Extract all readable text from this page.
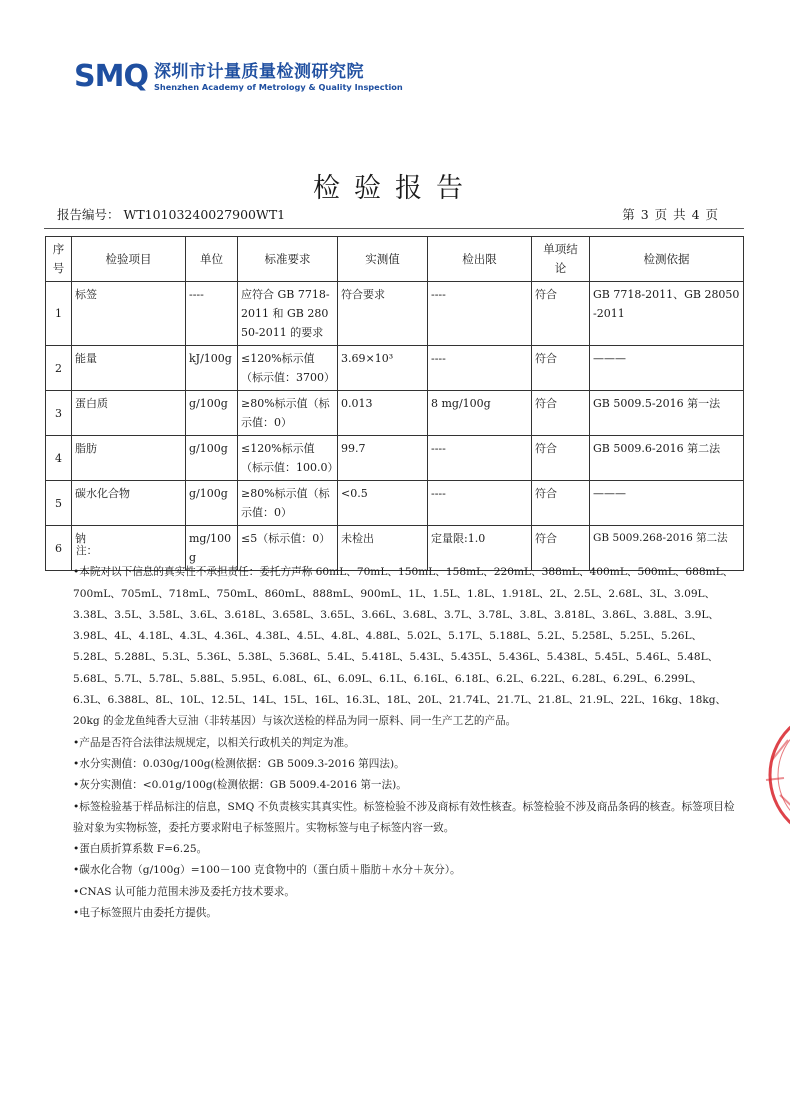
SMQ 深圳市计量质量检测研究院
Shenzhen Academy of Metrology & Quality Inspection
检验报告
报告编号： WT10103240027900WT1	第 3 页 共 4 页
序号	检验项目	单位	标准要求	实测值	检出限	单项结论	检测依据
1	标签	----	应符合 GB 7718-2011 和 GB 28050-2011 的要求	符合要求	----	符合	GB 7718-2011、GB 28050-2011
2	能量	kJ/100g	≤120%标示值（标示值：3700）	3.69×10³	----	符合	———
3	蛋白质	g/100g	≥80%标示值（标示值：0）	0.013	8 mg/100g	符合	GB 5009.5-2016 第一法
4	脂肪	g/100g	≤120%标示值（标示值：100.0）	99.7	----	符合	GB 5009.6-2016 第二法
5	碳水化合物	g/100g	≥80%标示值（标示值：0）	<0.5	----	符合	———
6	钠	mg/100g	≤5（标示值：0）	未检出	定量限:1.0	符合	GB 5009.268-2016 第二法

注：

•本院对以下信息的真实性不承担责任：委托方声称 60mL、70mL、150mL、158mL、220mL、388mL、400mL、500mL、688mL、700mL、705mL、718mL、750mL、860mL、888mL、900mL、1L、1.5L、1.8L、1.918L、2L、2.5L、2.68L、3L、3.09L、3.38L、3.5L、3.58L、3.6L、3.618L、3.658L、3.65L、3.66L、3.68L、3.7L、3.78L、3.8L、3.818L、3.86L、3.88L、3.9L、3.98L、4L、4.18L、4.3L、4.36L、4.38L、4.5L、4.8L、4.88L、5.02L、5.17L、5.188L、5.2L、5.258L、5.25L、5.26L、5.28L、5.288L、5.3L、5.36L、5.38L、5.368L、5.4L、5.418L、5.43L、5.435L、5.436L、5.438L、5.45L、5.46L、5.48L、5.68L、5.7L、5.78L、5.88L、5.95L、6.08L、6L、6.09L、6.1L、6.16L、6.18L、6.2L、6.22L、6.28L、6.29L、6.299L、6.3L、6.388L、8L、10L、12.5L、14L、15L、16L、16.3L、18L、20L、21.74L、21.7L、21.8L、21.9L、22L、16kg、18kg、20kg 的金龙鱼纯香大豆油（非转基因）与该次送检的样品为同一原料、同一生产工艺的产品。

•产品是否符合法律法规规定，以相关行政机关的判定为准。

•水分实测值：0.030g/100g(检测依据：GB 5009.3-2016 第四法)。

•灰分实测值：<0.01g/100g(检测依据：GB 5009.4-2016 第一法)。

•标签检验基于样品标注的信息，SMQ 不负责核实其真实性。标签检验不涉及商标有效性核查。标签检验不涉及商品条码的核查。标签项目检验对象为实物标签，委托方要求附电子标签照片。实物标签与电子标签内容一致。

•蛋白质折算系数 F=6.25。

•碳水化合物（g/100g）=100－100 克食物中的（蛋白质＋脂肪＋水分＋灰分）。

•CNAS 认可能力范围未涉及委托方技术要求。

•电子标签照片由委托方提供。
